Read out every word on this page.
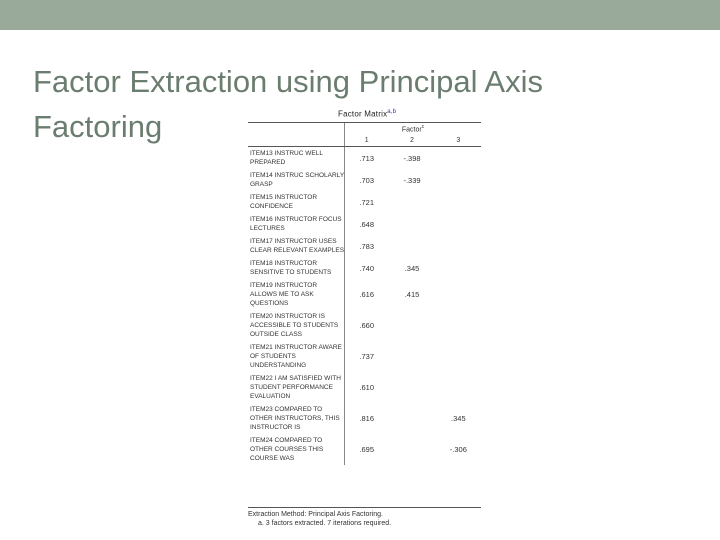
Factor Extraction using Principal Axis Factoring	Factor Matrix$^{a,b}$
	Factor$^c$
	1	2	3
ITEM13 INSTRUC WELL PREPARED	.713	-.398	
ITEM14 INSTRUC SCHOLARLY GRASP	.703	-.339	
ITEM15 INSTRUCTOR CONFIDENCE	.721		
ITEM16 INSTRUCTOR FOCUS LECTURES	.648		
ITEM17 INSTRUCTOR USES CLEAR RELEVANT EXAMPLES	.783		
ITEM18 INSTRUCTOR SENSITIVE TO STUDENTS	.740	.345	
ITEM19 INSTRUCTOR ALLOWS ME TO ASK QUESTIONS	.616	.415	
ITEM20 INSTRUCTOR IS ACCESSIBLE TO STUDENTS OUTSIDE CLASS	.660		
ITEM21 INSTRUCTOR AWARE OF STUDENTS UNDERSTANDING	.737		
ITEM22 I AM SATISFIED WITH STUDENT PERFORMANCE EVALUATION	.610		
ITEM23 COMPARED TO OTHER INSTRUCTORS, THIS INSTRUCTOR IS	.816		.345
ITEM24 COMPARED TO OTHER COURSES THIS COURSE WAS	.695		-.306
Extraction Method: Principal Axis Factoring.
a. 3 factors extracted. 7 iterations required.
